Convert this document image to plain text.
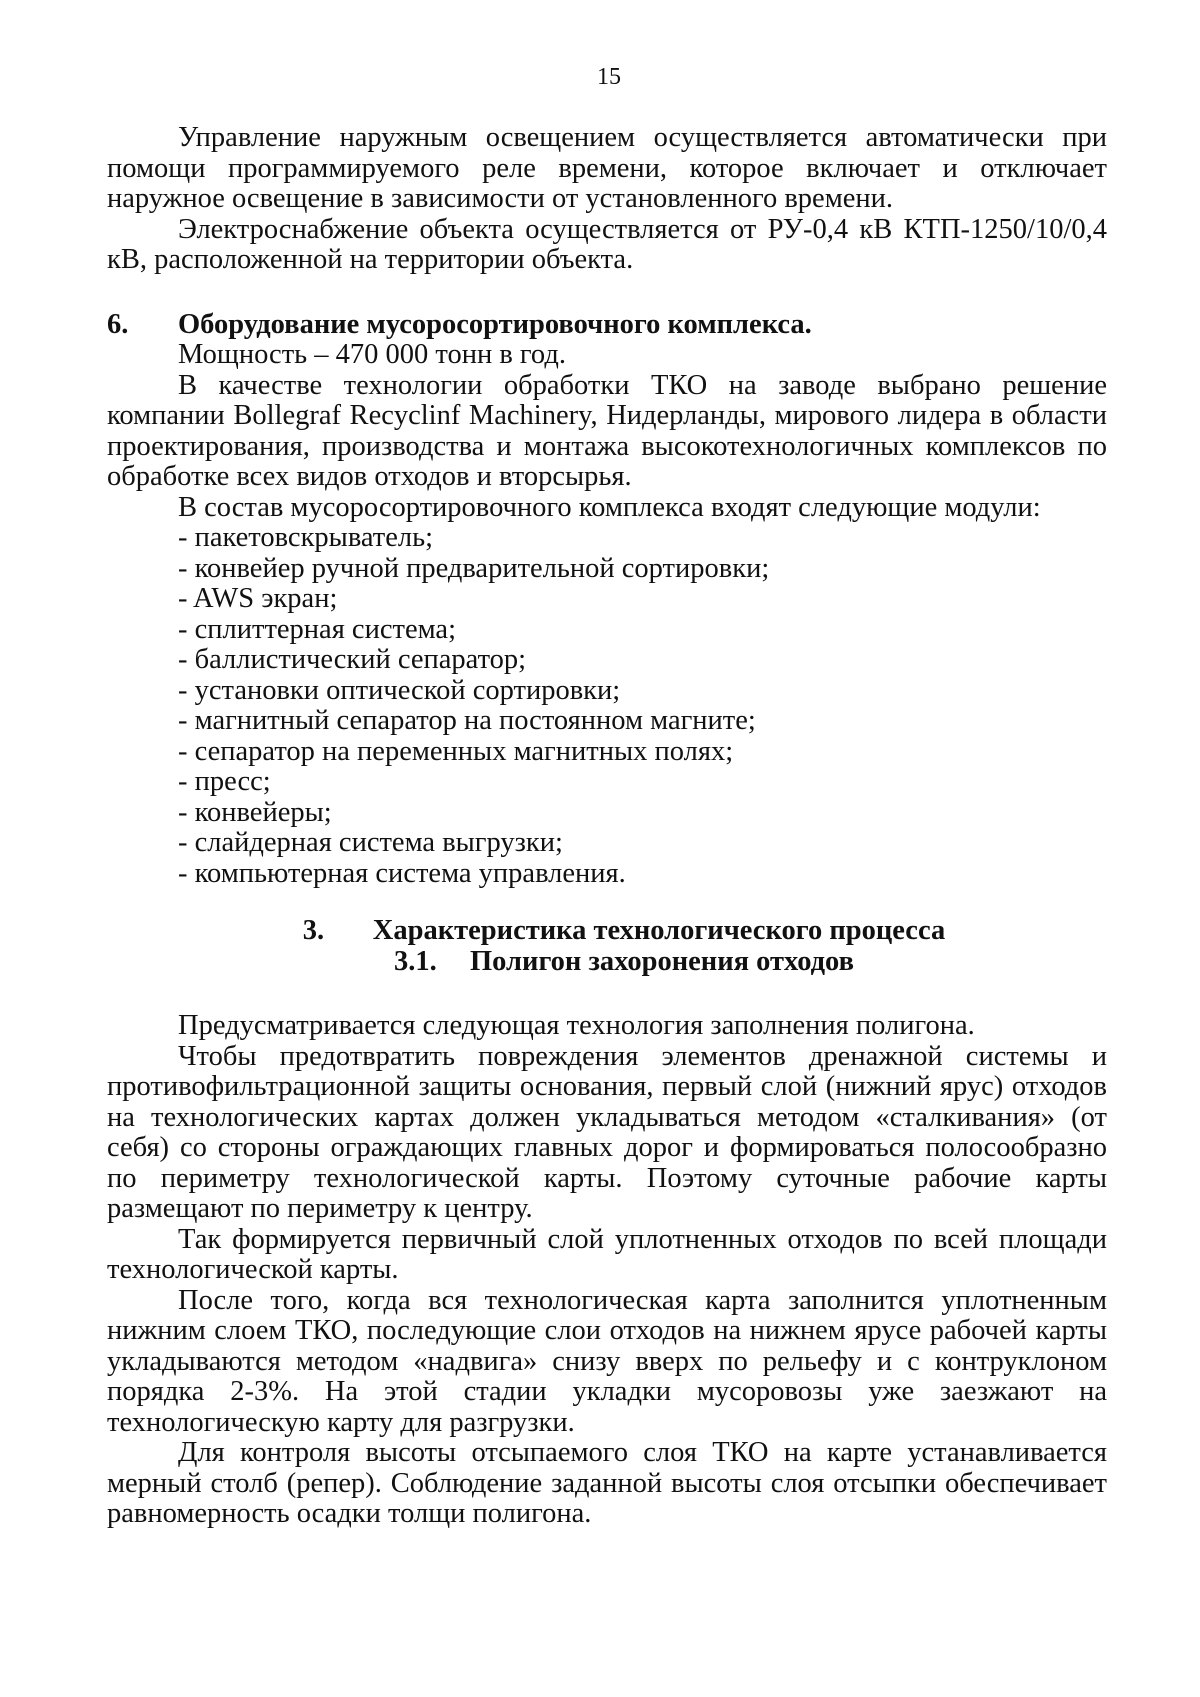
15

Управление наружным освещением осуществляется автоматически при помощи программируемого реле времени, которое включает и отключает наружное освещение в зависимости от установленного времени.

Электроснабжение объекта осуществляется от РУ-0,4 кВ КТП-1250/10/0,4 кВ, расположенной на территории объекта.

6.	Оборудование мусоросортировочного комплекса.

Мощность – 470 000 тонн в год.

В качестве технологии обработки ТКО на заводе выбрано решение компании Bollegraf Recyclinf Machinery, Нидерланды, мирового лидера в области проектирования, производства и монтажа высокотехнологичных комплексов по обработке всех видов отходов и вторсырья.

В состав мусоросортировочного комплекса входят следующие модули:

- пакетовскрыватель;
- конвейер ручной предварительной сортировки;
- AWS экран;
- сплиттерная система;
- баллистический сепаратор;
- установки оптической сортировки;
- магнитный сепаратор на постоянном магните;
- сепаратор на переменных магнитных полях;
- пресс;
- конвейеры;
- слайдерная система выгрузки;
- компьютерная система управления.
3. Характеристика технологического процесса
3.1. Полигон захоронения отходов

Предусматривается следующая технология заполнения полигона.

Чтобы предотвратить повреждения элементов дренажной системы и противофильтрационной защиты основания, первый слой (нижний ярус) отходов на технологических картах должен укладываться методом «сталкивания» (от себя) со стороны ограждающих главных дорог и формироваться полосообразно по периметру технологической карты. Поэтому суточные рабочие карты размещают по периметру к центру.

Так формируется первичный слой уплотненных отходов по всей площади технологической карты.

После того, когда вся технологическая карта заполнится уплотненным нижним слоем ТКО, последующие слои отходов на нижнем ярусе рабочей карты укладываются методом «надвига» снизу вверх по рельефу и с контруклоном порядка 2-3%. На этой стадии укладки мусоровозы уже заезжают на технологическую карту для разгрузки.

Для контроля высоты отсыпаемого слоя ТКО на карте устанавливается мерный столб (репер). Соблюдение заданной высоты слоя отсыпки обеспечивает равномерность осадки толщи полигона.
